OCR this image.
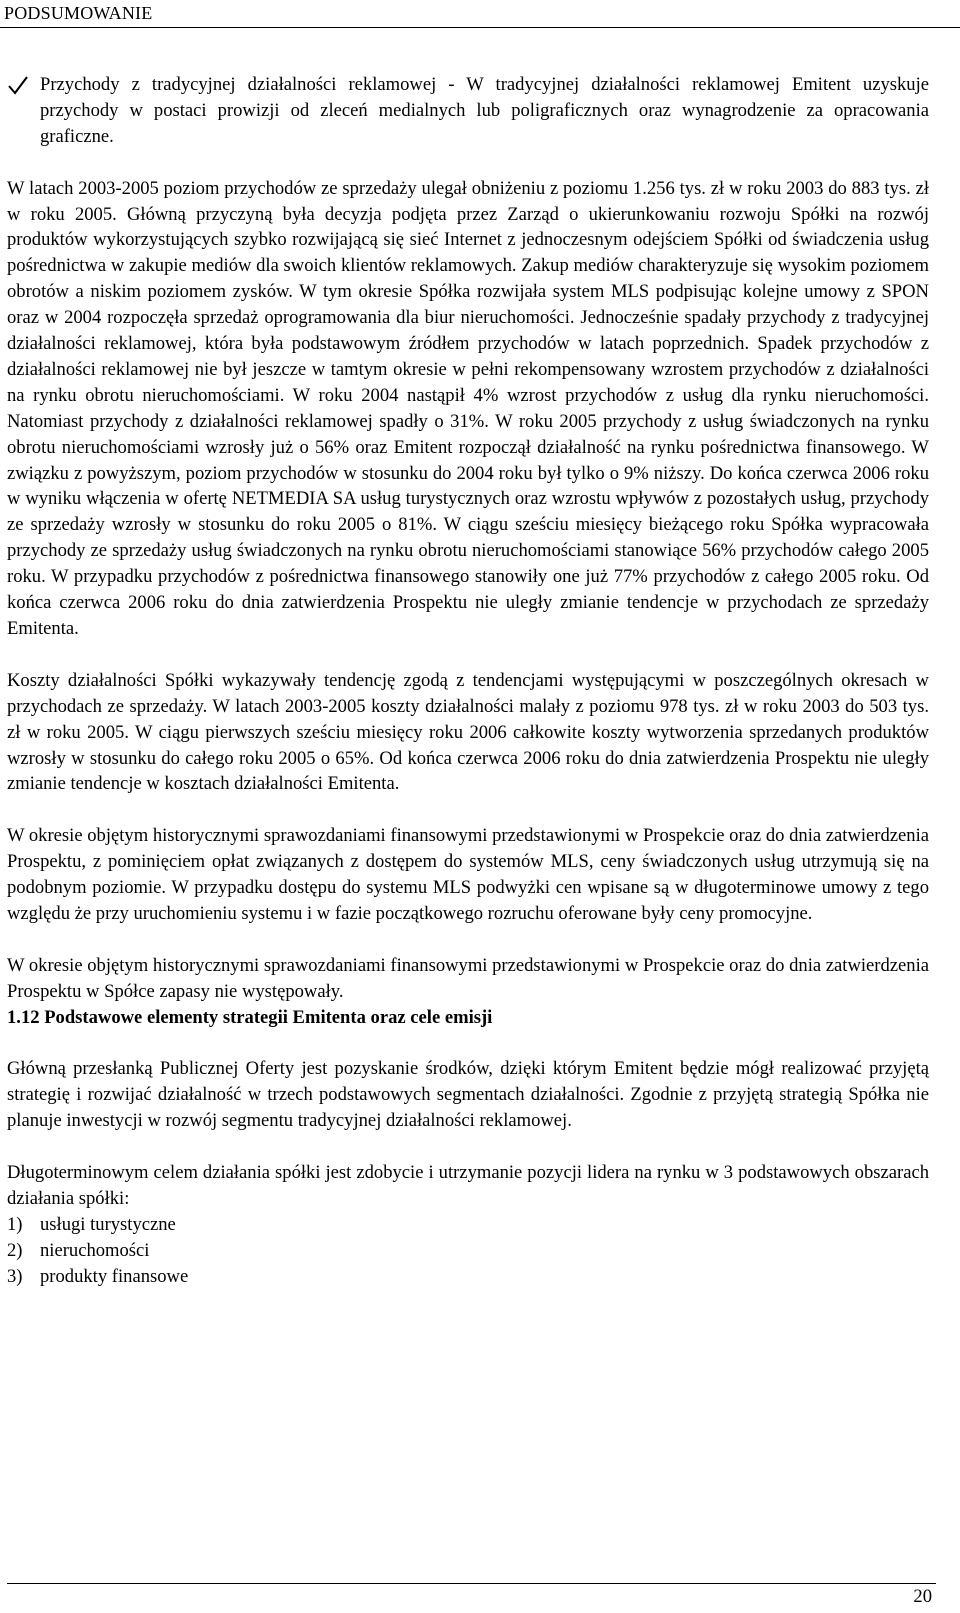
PODSUMOWANIE
Przychody z tradycyjnej działalności reklamowej - W tradycyjnej działalności reklamowej Emitent uzyskuje przychody w postaci prowizji od zleceń medialnych lub poligraficznych oraz wynagrodzenie za opracowania graficzne.

W latach 2003-2005 poziom przychodów ze sprzedaży ulegał obniżeniu z poziomu 1.256 tys. zł w roku 2003 do 883 tys. zł w roku 2005. Główną przyczyną była decyzja podjęta przez Zarząd o ukierunkowaniu rozwoju Spółki na rozwój produktów wykorzystujących szybko rozwijającą się sieć Internet z jednoczesnym odejściem Spółki od świadczenia usług pośrednictwa w zakupie mediów dla swoich klientów reklamowych. Zakup mediów charakteryzuje się wysokim poziomem obrotów a niskim poziomem zysków. W tym okresie Spółka rozwijała system MLS podpisując kolejne umowy z SPON oraz w 2004 rozpoczęła sprzedaż oprogramowania dla biur nieruchomości. Jednocześnie spadały przychody z tradycyjnej działalności reklamowej, która była podstawowym źródłem przychodów w latach poprzednich. Spadek przychodów z działalności reklamowej nie był jeszcze w tamtym okresie w pełni rekompensowany wzrostem przychodów z działalności na rynku obrotu nieruchomościami. W roku 2004 nastąpił 4% wzrost przychodów z usług dla rynku nieruchomości. Natomiast przychody z działalności reklamowej spadły o 31%. W roku 2005 przychody z usług świadczonych na rynku obrotu nieruchomościami wzrosły już o 56% oraz Emitent rozpoczął działalność na rynku pośrednictwa finansowego. W związku z powyższym, poziom przychodów w stosunku do 2004 roku był tylko o 9% niższy. Do końca czerwca 2006 roku w wyniku włączenia w ofertę NETMEDIA SA usług turystycznych oraz wzrostu wpływów z pozostałych usług, przychody ze sprzedaży wzrosły w stosunku do roku 2005 o 81%. W ciągu sześciu miesięcy bieżącego roku Spółka wypracowała przychody ze sprzedaży usług świadczonych na rynku obrotu nieruchomościami stanowiące 56% przychodów całego 2005 roku. W przypadku przychodów z pośrednictwa finansowego stanowiły one już 77% przychodów z całego 2005 roku. Od końca czerwca 2006 roku do dnia zatwierdzenia Prospektu nie uległy zmianie tendencje w przychodach ze sprzedaży Emitenta.

Koszty działalności Spółki wykazywały tendencję zgodą z tendencjami występującymi w poszczególnych okresach w przychodach ze sprzedaży. W latach 2003-2005 koszty działalności malały z poziomu 978 tys. zł w roku 2003 do 503 tys. zł w roku 2005. W ciągu pierwszych sześciu miesięcy roku 2006 całkowite koszty wytworzenia sprzedanych produktów wzrosły w stosunku do całego roku 2005 o 65%. Od końca czerwca 2006 roku do dnia zatwierdzenia Prospektu nie uległy zmianie tendencje w kosztach działalności Emitenta.

W okresie objętym historycznymi sprawozdaniami finansowymi przedstawionymi w Prospekcie oraz do dnia zatwierdzenia Prospektu, z pominięciem opłat związanych z dostępem do systemów MLS, ceny świadczonych usług utrzymują się na podobnym poziomie. W przypadku dostępu do systemu MLS podwyżki cen wpisane są w długoterminowe umowy z tego względu że przy uruchomieniu systemu i w fazie początkowego rozruchu oferowane były ceny promocyjne.

W okresie objętym historycznymi sprawozdaniami finansowymi przedstawionymi w Prospekcie oraz do dnia zatwierdzenia Prospektu w Spółce zapasy nie występowały.

1.12 Podstawowe elementy strategii Emitenta oraz cele emisji

Główną przesłanką Publicznej Oferty jest pozyskanie środków, dzięki którym Emitent będzie mógł realizować przyjętą strategię i rozwijać działalność w trzech podstawowych segmentach działalności. Zgodnie z przyjętą strategią Spółka nie planuje inwestycji w rozwój segmentu tradycyjnej działalności reklamowej.

Długoterminowym celem działania spółki jest zdobycie i utrzymanie pozycji lidera na rynku w 3 podstawowych obszarach działania spółki:

1) usługi turystyczne
2) nieruchomości
3) produkty finansowe
20
